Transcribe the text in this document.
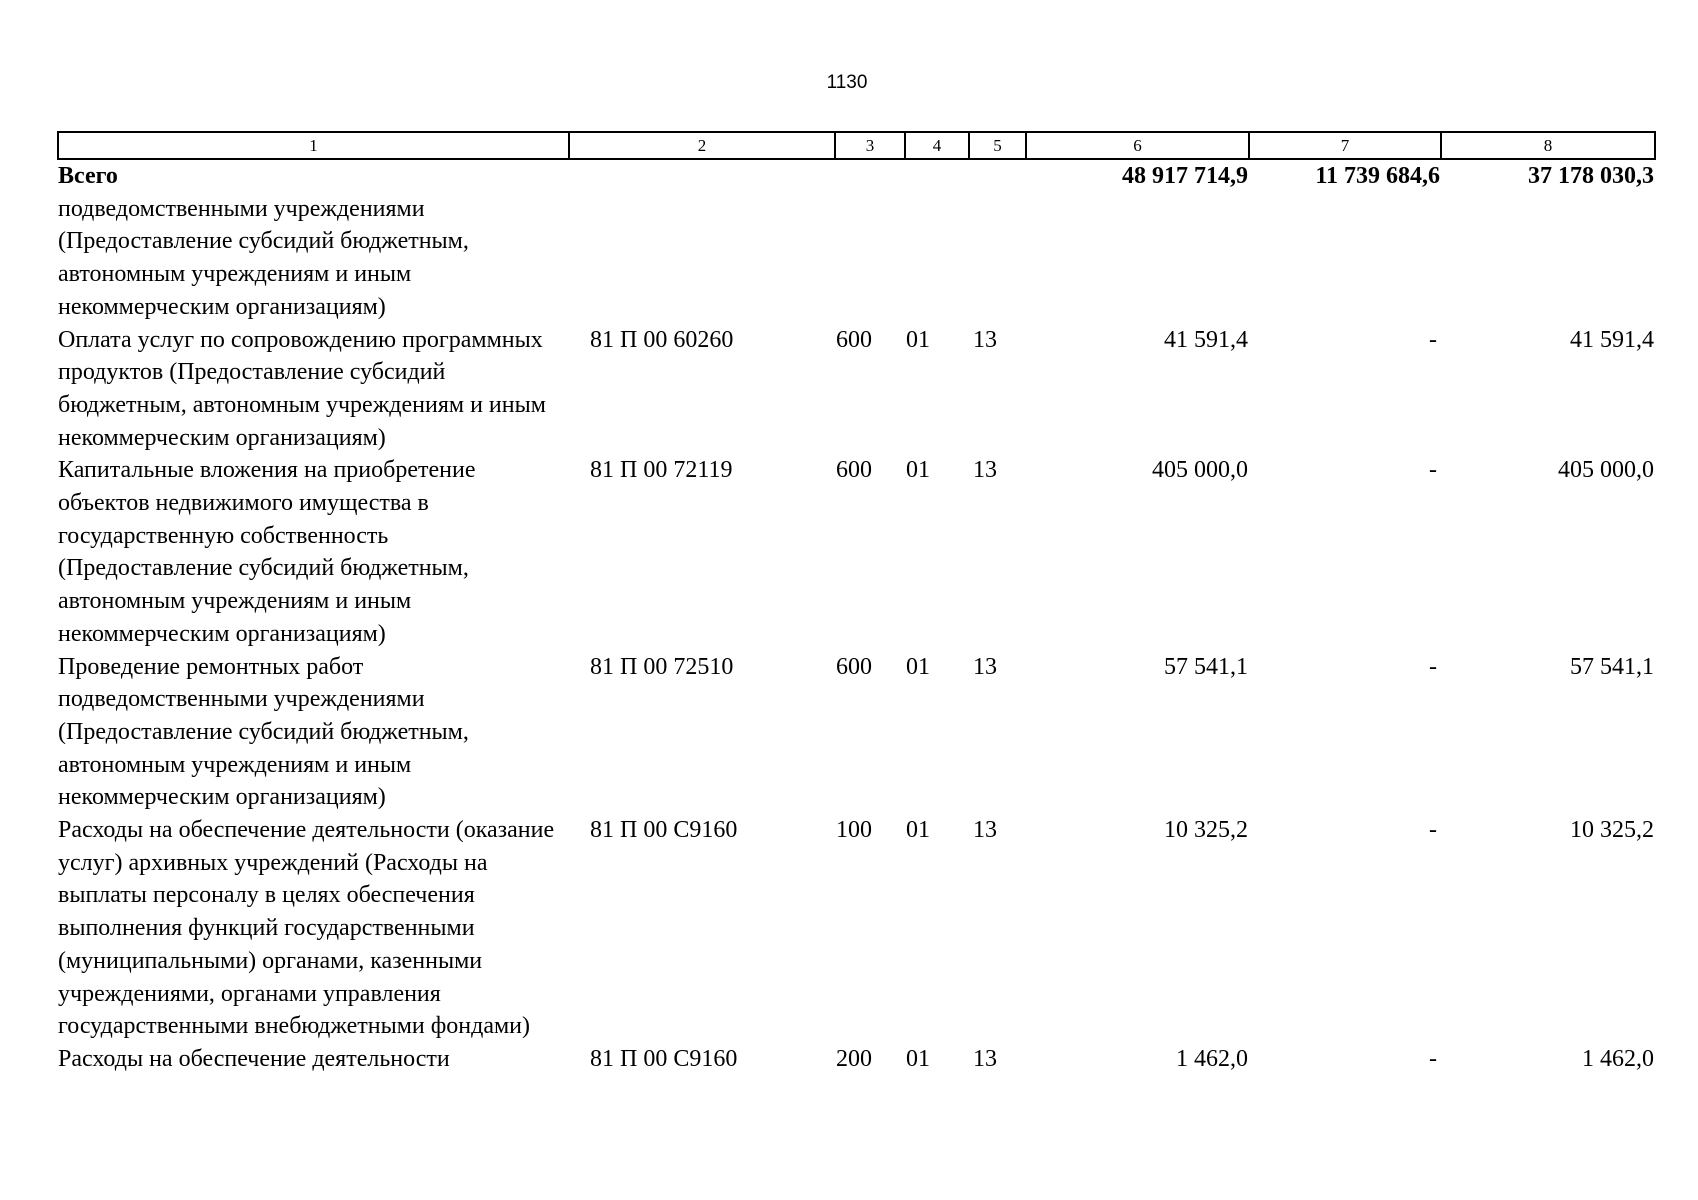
1130
1	2	3	4	5	6	7	8
Всего					48 917 714,9	11 739 684,6	37 178 030,3
подведомственными учреждениями (Предоставление субсидий бюджетным, автономным учреждениям и иным некоммерческим организациям)							
Оплата услуг по сопровождению программных продуктов (Предоставление субсидий бюджетным, автономным учреждениям и иным некоммерческим организациям)	81 П 00 60260	600	01	13	41 591,4	-	41 591,4
Капитальные вложения на приобретение объектов недвижимого имущества в государственную собственность (Предоставление субсидий бюджетным, автономным учреждениям и иным некоммерческим организациям)	81 П 00 72119	600	01	13	405 000,0	-	405 000,0
Проведение ремонтных работ подведомственными учреждениями (Предоставление субсидий бюджетным, автономным учреждениям и иным некоммерческим организациям)	81 П 00 72510	600	01	13	57 541,1	-	57 541,1
Расходы на обеспечение деятельности (оказание услуг) архивных учреждений (Расходы на выплаты персоналу в целях обеспечения выполнения функций государственными (муниципальными) органами, казенными учреждениями, органами управления государственными внебюджетными фондами)	81 П 00 С9160	100	01	13	10 325,2	-	10 325,2
Расходы на обеспечение деятельности	81 П 00 С9160	200	01	13	1 462,0	-	1 462,0
